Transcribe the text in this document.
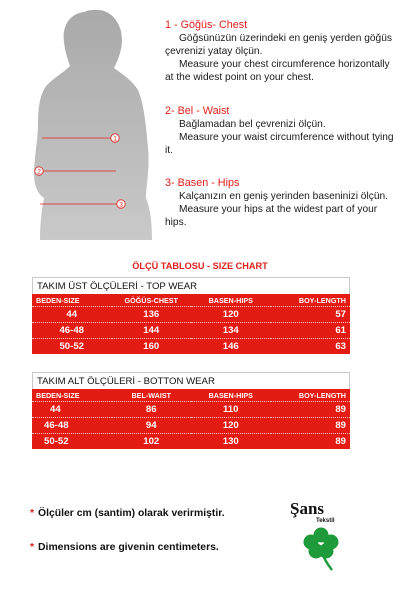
1
2
3
1 - Göğüs- Chest
Göğsünüzün üzerindeki en geniş yerden göğüs çevrenizi yatay ölçün.
Measure your chest circumference horizontally at the widest point on your chest.
2- Bel - Waist
Bağlamadan bel çevrenizi ölçün.
Measure your waist circumference without tying it.
3- Basen - Hips
Kalçanızın en geniş yerinden baseninizi ölçün.
Measure your hips at the widest part of your hips.
ÖLÇÜ TABLOSU - SIZE CHART
TAKIM ÜST ÖLÇÜLERİ - TOP WEAR
BEDEN-SIZE	GÖĞÜS-CHEST	BASEN-HIPS	BOY-LENGTH
44	136	120	57
46-48	144	134	61
50-52	160	146	63
TAKIM ALT ÖLÇÜLERİ - BOTTON WEAR
BEDEN-SIZE	BEL-WAIST	BASEN-HIPS	BOY-LENGTH
44	86	110	89
46-48	94	120	89
50-52	102	130	89
* Ölçüler cm (santim) olarak verirmiştir.
* Dimensions are givenin centimeters.
Şans
Tekstil
